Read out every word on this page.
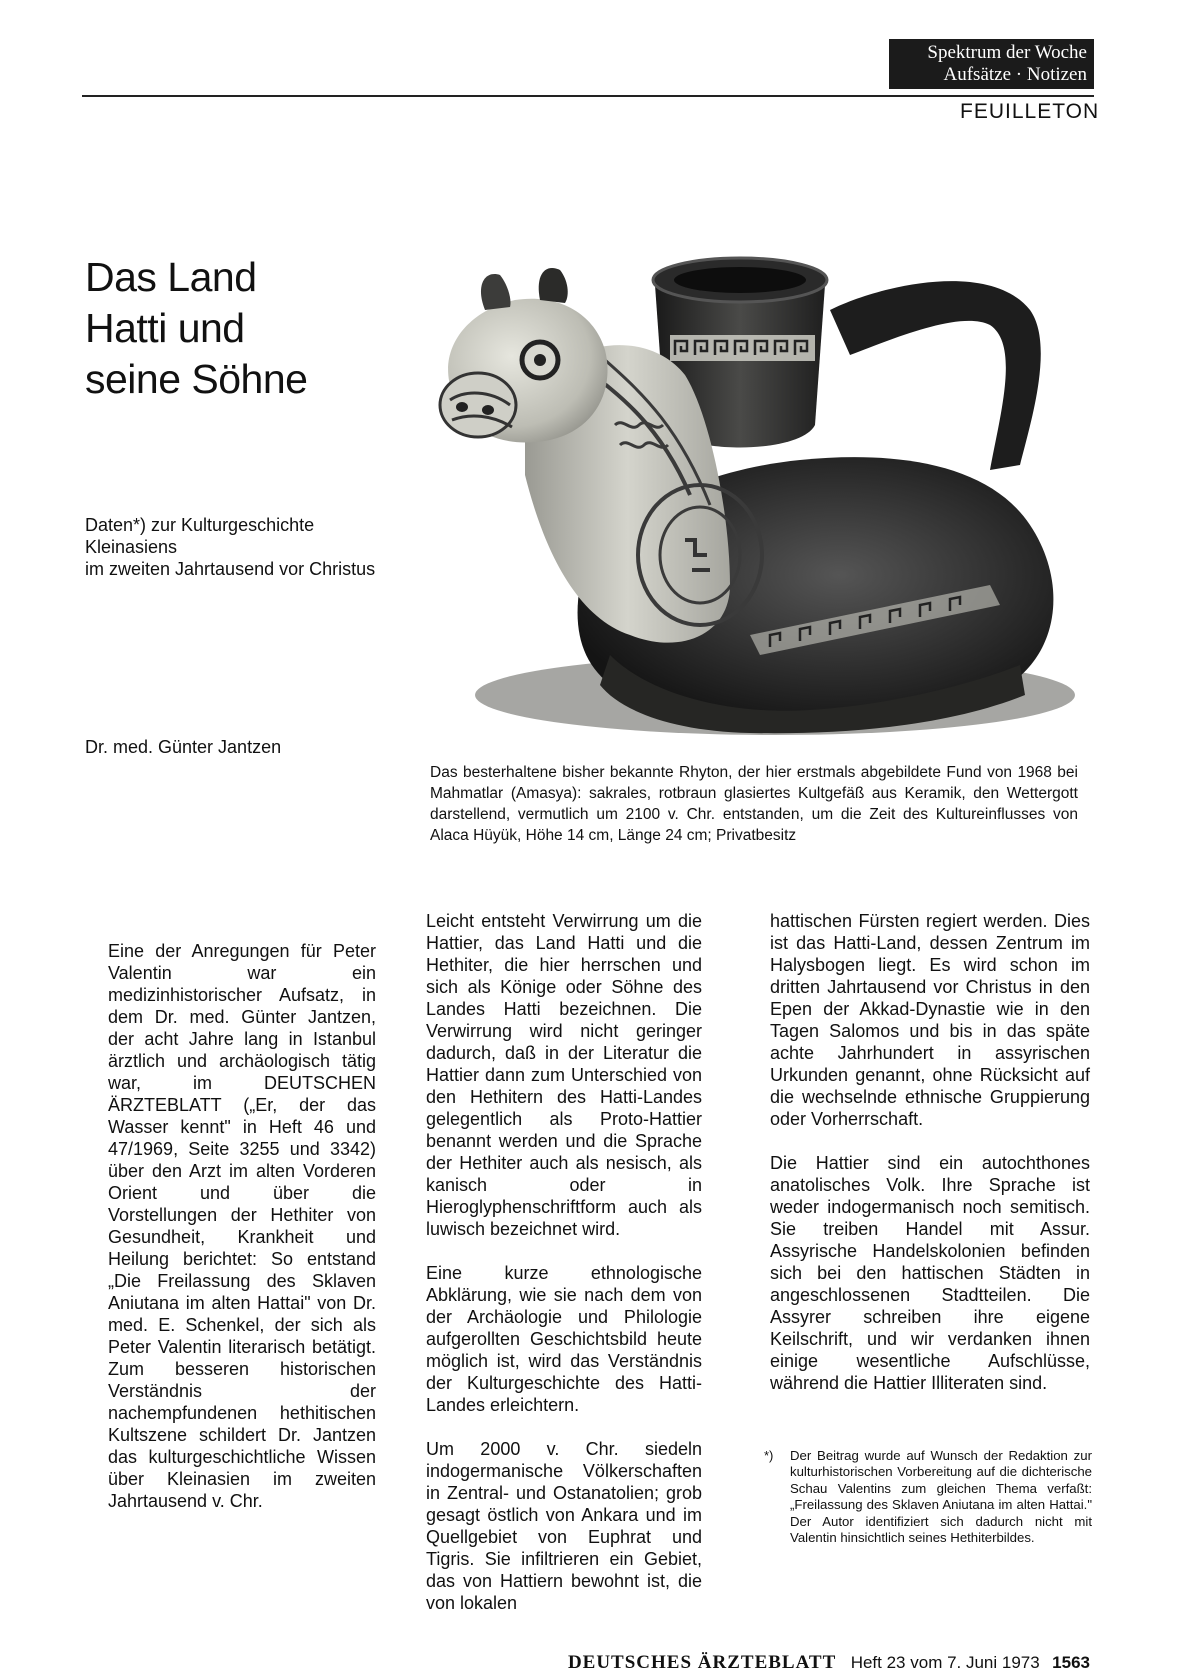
Spektrum der Woche
Aufsätze · Notizen
FEUILLETON
Das Land
Hatti und
seine Söhne
Daten*) zur Kulturgeschichte
Kleinasiens
im zweiten Jahrtausend vor Christus
Dr. med. Günter Jantzen

Das besterhaltene bisher bekannte Rhyton, der hier erstmals abgebildete Fund von 1968 bei Mahmatlar (Amasya): sakrales, rotbraun glasiertes Kultgefäß aus Keramik, den Wettergott darstellend, vermutlich um 2100 v. Chr. entstanden, um die Zeit des Kultureinflusses von Alaca Hüyük, Höhe 14 cm, Länge 24 cm; Privatbesitz

Eine der Anregungen für Peter Valentin war ein medizinhistorischer Aufsatz, in dem Dr. med. Günter Jantzen, der acht Jahre lang in Istanbul ärztlich und archäologisch tätig war, im DEUTSCHEN ÄRZTEBLATT („Er, der das Wasser kennt" in Heft 46 und 47/1969, Seite 3255 und 3342) über den Arzt im alten Vorderen Orient und über die Vorstellungen der Hethiter von Gesundheit, Krankheit und Heilung berichtet: So entstand „Die Freilassung des Sklaven Aniutana im alten Hattai" von Dr. med. E. Schenkel, der sich als Peter Valentin literarisch betätigt. Zum besseren historischen Verständnis der nachempfundenen hethitischen Kultszene schildert Dr. Jantzen das kulturgeschichtliche Wissen über Kleinasien im zweiten Jahrtausend v. Chr.

Leicht entsteht Verwirrung um die Hattier, das Land Hatti und die Hethiter, die hier herrschen und sich als Könige oder Söhne des Landes Hatti bezeichnen. Die Verwirrung wird nicht geringer dadurch, daß in der Literatur die Hattier dann zum Unterschied von den Hethitern des Hatti-Landes gelegentlich als Proto-Hattier benannt werden und die Sprache der Hethiter auch als nesisch, als kanisch oder in Hieroglyphenschriftform auch als luwisch bezeichnet wird.

Eine kurze ethnologische Abklärung, wie sie nach dem von der Archäologie und Philologie aufgerollten Geschichtsbild heute möglich ist, wird das Verständnis der Kulturgeschichte des Hatti-Landes erleichtern.

Um 2000 v. Chr. siedeln indogermanische Völkerschaften in Zentral- und Ostanatolien; grob gesagt östlich von Ankara und im Quellgebiet von Euphrat und Tigris. Sie infiltrieren ein Gebiet, das von Hattiern bewohnt ist, die von lokalen

hattischen Fürsten regiert werden. Dies ist das Hatti-Land, dessen Zentrum im Halysbogen liegt. Es wird schon im dritten Jahrtausend vor Christus in den Epen der Akkad-Dynastie wie in den Tagen Salomos und bis in das späte achte Jahrhundert in assyrischen Urkunden genannt, ohne Rücksicht auf die wechselnde ethnische Gruppierung oder Vorherrschaft.

Die Hattier sind ein autochthones anatolisches Volk. Ihre Sprache ist weder indogermanisch noch semitisch. Sie treiben Handel mit Assur. Assyrische Handelskolonien befinden sich bei den hattischen Städten in angeschlossenen Stadtteilen. Die Assyrer schreiben ihre eigene Keilschrift, und wir verdanken ihnen einige wesentliche Aufschlüsse, während die Hattier Illiteraten sind.

*) Der Beitrag wurde auf Wunsch der Redaktion zur kulturhistorischen Vorbereitung auf die dichterische Schau Valentins zum gleichen Thema verfaßt: „Freilassung des Sklaven Aniutana im alten Hattai." Der Autor identifiziert sich dadurch nicht mit Valentin hinsichtlich seines Hethiterbildes.

DEUTSCHES ÄRZTEBLATT Heft 23 vom 7. Juni 1973 1563
